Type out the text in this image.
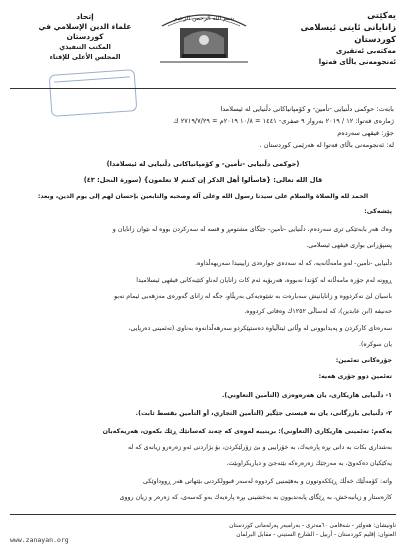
یەکێتی
زانایانی ئاینی ئیسلامی كوردستان
مەكتەبی ئەنفیزی
ئەنجومەنی باڵای فەتوا
بسم الله الرحمن الرحيم
إتحاد
علماء الدين الإسلامي في كوردستان
المكتب التنفيذي
المجلس الأعلى للإفتاء
بابەت: حوكمی دڵنیایی -تأمین- و كۆمپانیاكانی دڵنیایی لە ئیسلامدا
ژمارەی فەتوا: ١٢ / ٢٠١٩ بەروار ٩ صفرى- ١٤٤١ = ١٠/٨ ٢٠١٩م = ٢٧١٩/٧/٢٩ ك
جۆر: فیقهی سەردەم
لە: ئەنجومەنی باڵای فەتوا لە هەرێمی كوردستان .
(حوكمی دڵنیایی -تأمین- و كۆمپانیاكانی دڵنیایی لە ئیسلامدا)
قال الله تعالی: {فاسألوا أهل الذكر إن كنتم لا تعلمون} (سورة النحل: ٤٣)
الحمد لله والصلاة والسلام على سيدنا رسول الله وعلى آله وصحبه والتابعين بإحسان لهم إلى يوم الدين، وبعد:
پێشەكی:
وەك هەر بابەتێكی تری سەردەم، دڵنیایی -تأمین- جێگای مشتومڕ و قسە لە سەركردن بووە لە نێوان زانایان و
پسپۆڕانی بواری فیقهی ئیسلامی.
دڵنیایی -تأمین- لەو مامەڵانەیە، كە لە سەدەی جوارەدی زایینیدا سەریهەڵداوە.
ڕوونە لەم جۆرە مامەڵانە لە كۆندا نەبووە، هەربۆیە ئەم كات زانایان لەناو كتێبەكانی فیقهی ئیسلامیدا
باسیان لێ نەكردووە و زانایانیش سەبارەت بە شێوەیەكی بەربڵاو، جگە لە زانای گەورەی مەزهەبی ئیمام نەبو
حەنیفە (ابن عابدین)، كە لەساڵی ١٢٥٢ك وەفاتی كردووە.
سەرەتای كاركردن و پەیدابوونی لە وڵاتی ئیتاڵیاوە دەستپێكردو سەرهەڵدانەوە بەناوی (تەئمینی دەریایی،
یان سوكرە).
جۆرەكانی تەئمین:
تەئمین دوو جۆری هەیە:
١- دڵنیایی هاریكاری، یان هەرەوەزی (التأمین التعاوني).
٢- دڵنیایی بازرگانی، یان بە قیستی جێگیر (التأمین التجاري، أو التأمین بقسط ثابت).
یەكەم: تەئمینی هاریكاری (التعاوني): بریتییە لەوەی كە چەند كەسانێك ڕێك بكەون، هەریەكەیان
بەشداری بكات بە دانی بڕە پارەیەك، بە خۆراییی و بێ زۆرلێكردن، بۆ بژاردنی ئەو زەرەرو زیانەی كە لە
یەكێكیان دەكەوێ، بە مەرجێك زەرەرەكە بێتەجێ و دیاریكراوبێت.
واتە: كۆمەڵێك خەڵك ڕێككەوتوون و بەهێمنیی كردووە لەسەر قبوولكردنی بێتهاتی هەر ڕووداوێكی
كارەستار و زیانبەخش، بە ڕێگای پابەندبوون بە بەخشینی بڕە پارەیەك بەو كەسەی، كە زەرەر و زیان رووی
www.zanayan.org
ناونیشان: هەولێر - شەقامی ٦٠مەتری - بەرامبەر پەرلەمانی كوردستان
العنوان: إقليم كوردستان - أربيل - الشارع الستيني - مقابل البرلمان
